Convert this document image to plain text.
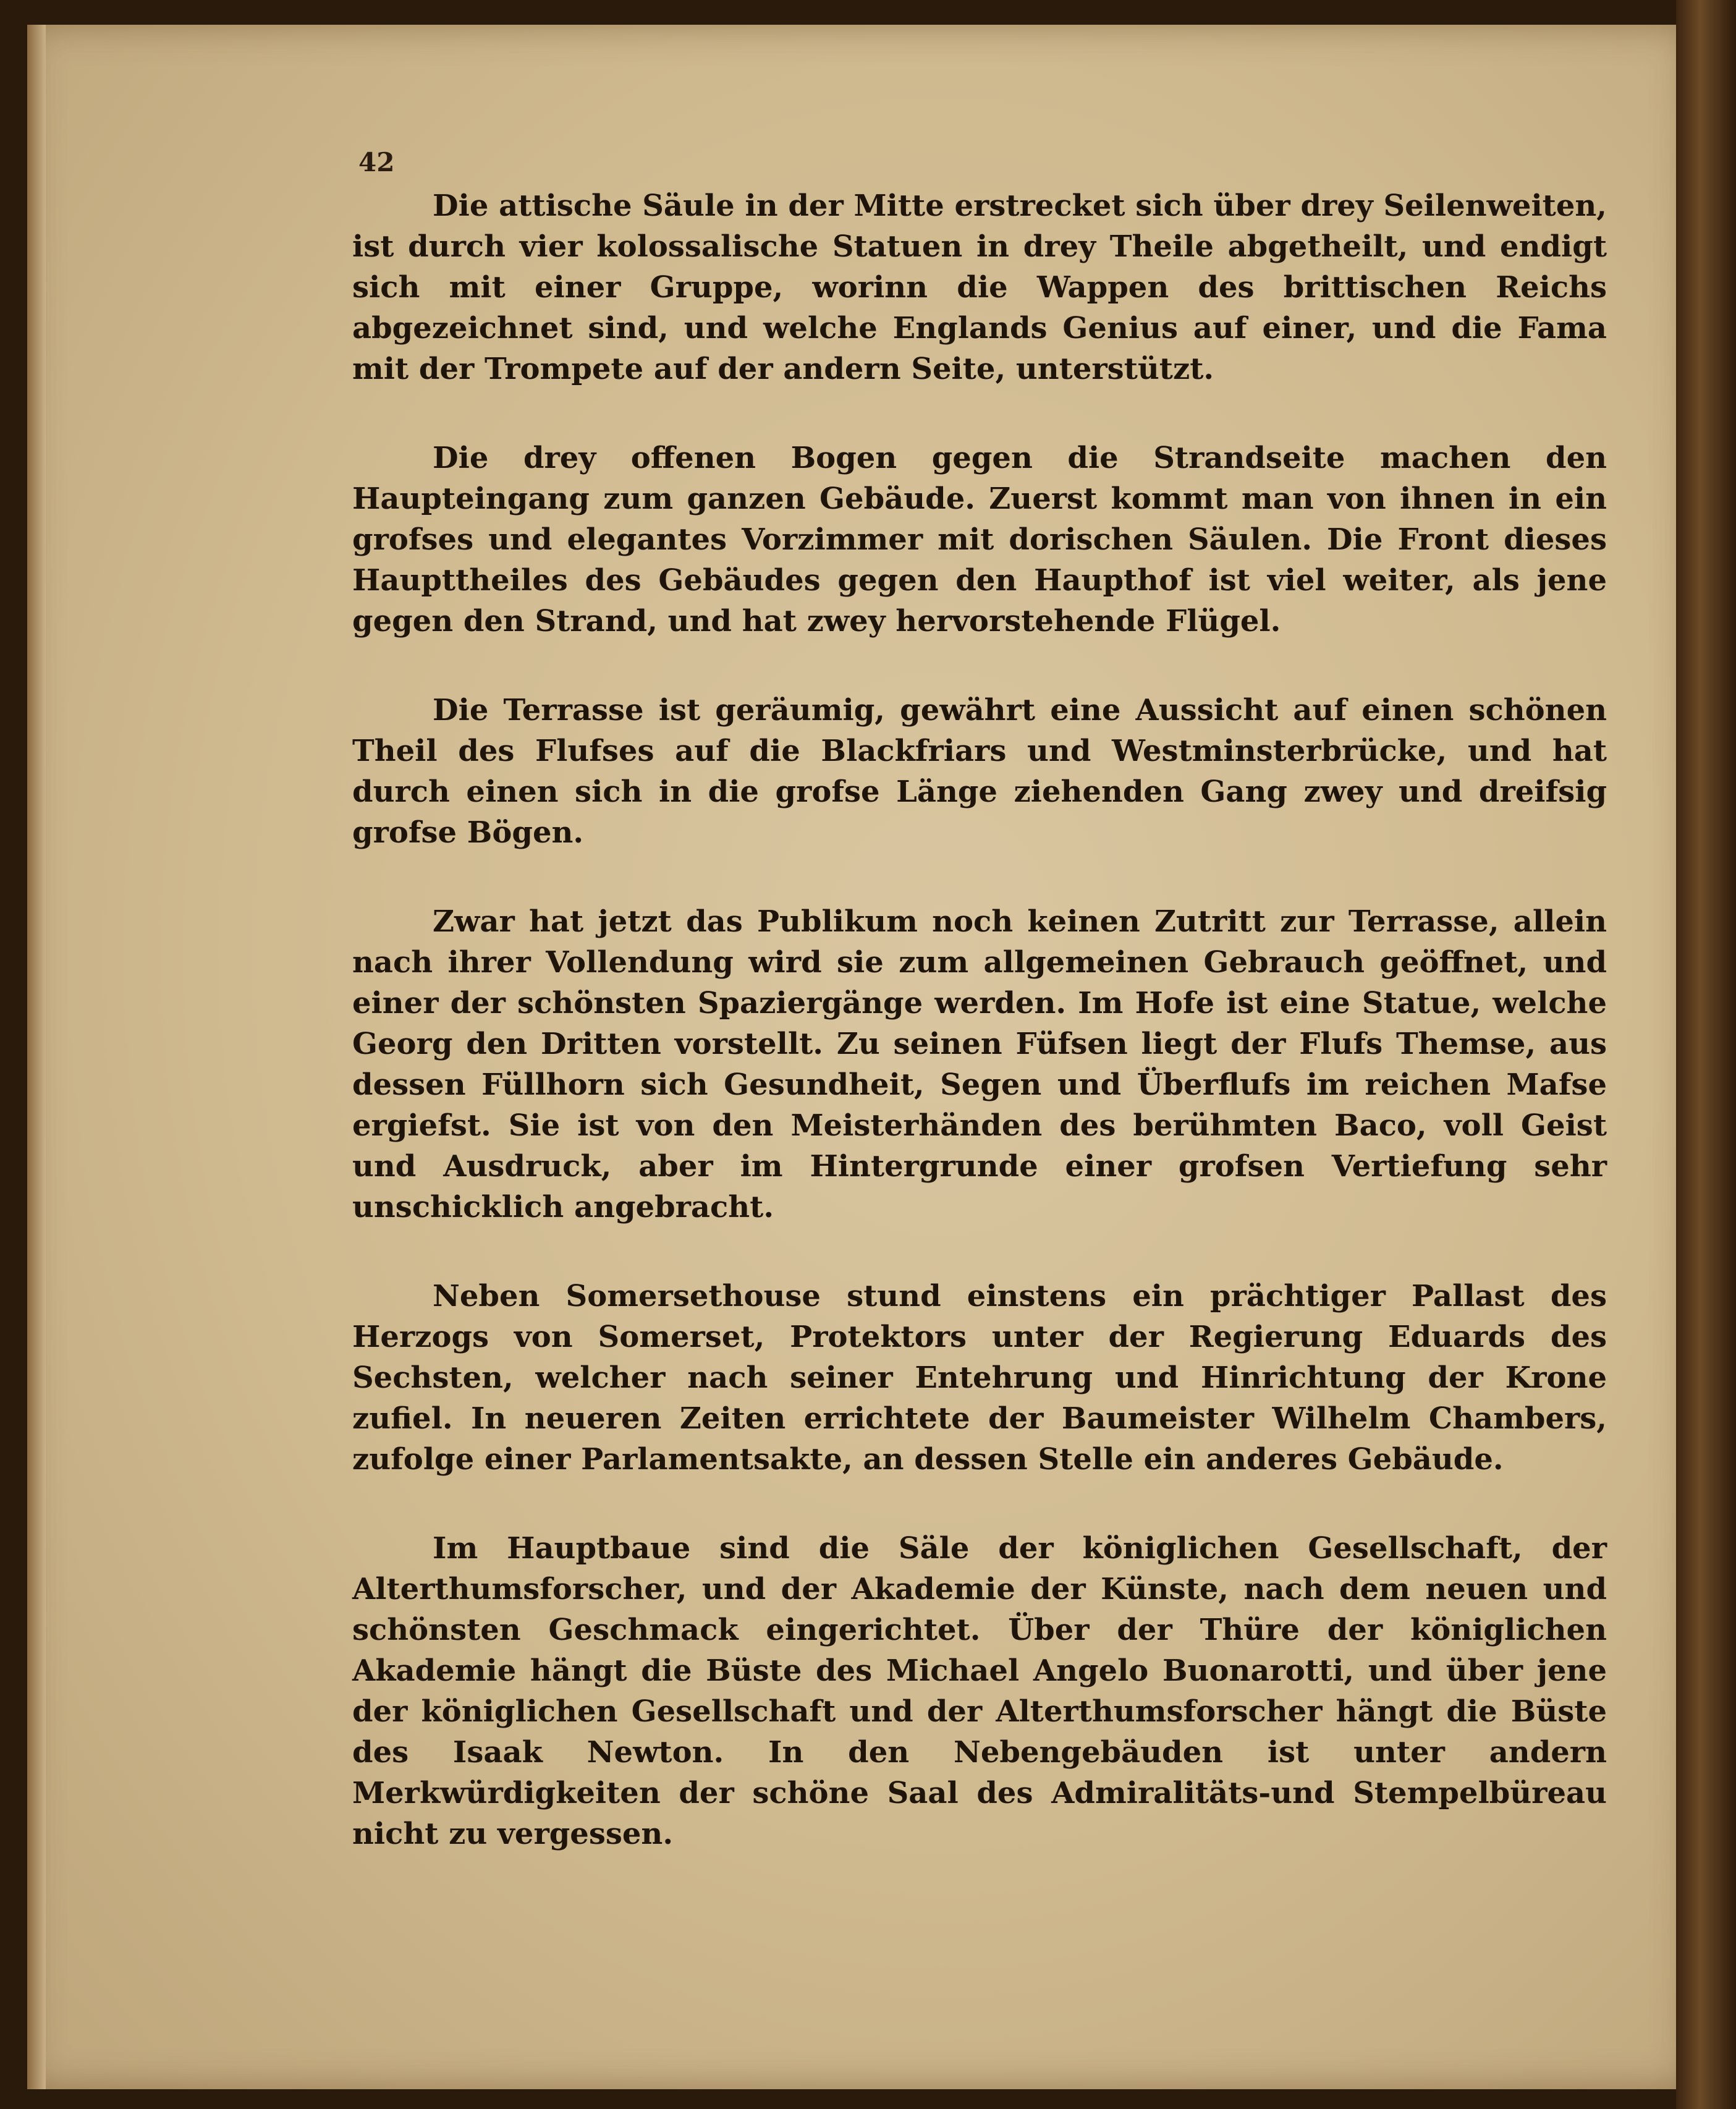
42

Die attische Säule in der Mitte erstrecket sich über drey Seilenweiten, ist durch vier kolossalische Statuen in drey Theile abgetheilt, und endigt sich mit einer Gruppe, worinn die Wappen des brittischen Reichs abgezeichnet sind, und welche Englands Genius auf einer, und die Fama mit der Trompete auf der andern Seite, unterstützt.

Die drey offenen Bogen gegen die Strandseite machen den Haupteingang zum ganzen Gebäude. Zuerst kommt man von ihnen in ein grofses und elegantes Vorzimmer mit dorischen Säulen. Die Front dieses Haupttheiles des Gebäudes gegen den Haupthof ist viel weiter, als jene gegen den Strand, und hat zwey hervorstehende Flügel.

Die Terrasse ist geräumig, gewährt eine Aussicht auf einen schönen Theil des Flufses auf die Blackfriars und Westminsterbrücke, und hat durch einen sich in die grofse Länge ziehenden Gang zwey und dreifsig grofse Bögen.

Zwar hat jetzt das Publikum noch keinen Zutritt zur Terrasse, allein nach ihrer Vollendung wird sie zum allgemeinen Gebrauch geöffnet, und einer der schönsten Spaziergänge werden. Im Hofe ist eine Statue, welche Georg den Dritten vorstellt. Zu seinen Füfsen liegt der Flufs Themse, aus dessen Füllhorn sich Gesundheit, Segen und Überflufs im reichen Mafse ergiefst. Sie ist von den Meisterhänden des berühmten Baco, voll Geist und Ausdruck, aber im Hintergrunde einer grofsen Vertiefung sehr unschicklich angebracht.

Neben Somersethouse stund einstens ein prächtiger Pallast des Herzogs von Somerset, Protektors unter der Regierung Eduards des Sechsten, welcher nach seiner Entehrung und Hinrichtung der Krone zufiel. In neueren Zeiten errichtete der Baumeister Wilhelm Chambers, zufolge einer Parlamentsakte, an dessen Stelle ein anderes Gebäude.

Im Hauptbaue sind die Säle der königlichen Gesellschaft, der Alterthumsforscher, und der Akademie der Künste, nach dem neuen und schönsten Geschmack eingerichtet. Über der Thüre der königlichen Akademie hängt die Büste des Michael Angelo Buonarotti, und über jene der königlichen Gesellschaft und der Alterthumsforscher hängt die Büste des Isaak Newton. In den Nebengebäuden ist unter andern Merkwürdigkeiten der schöne Saal des Admiralitäts-und Stempelbüreau nicht zu vergessen.
